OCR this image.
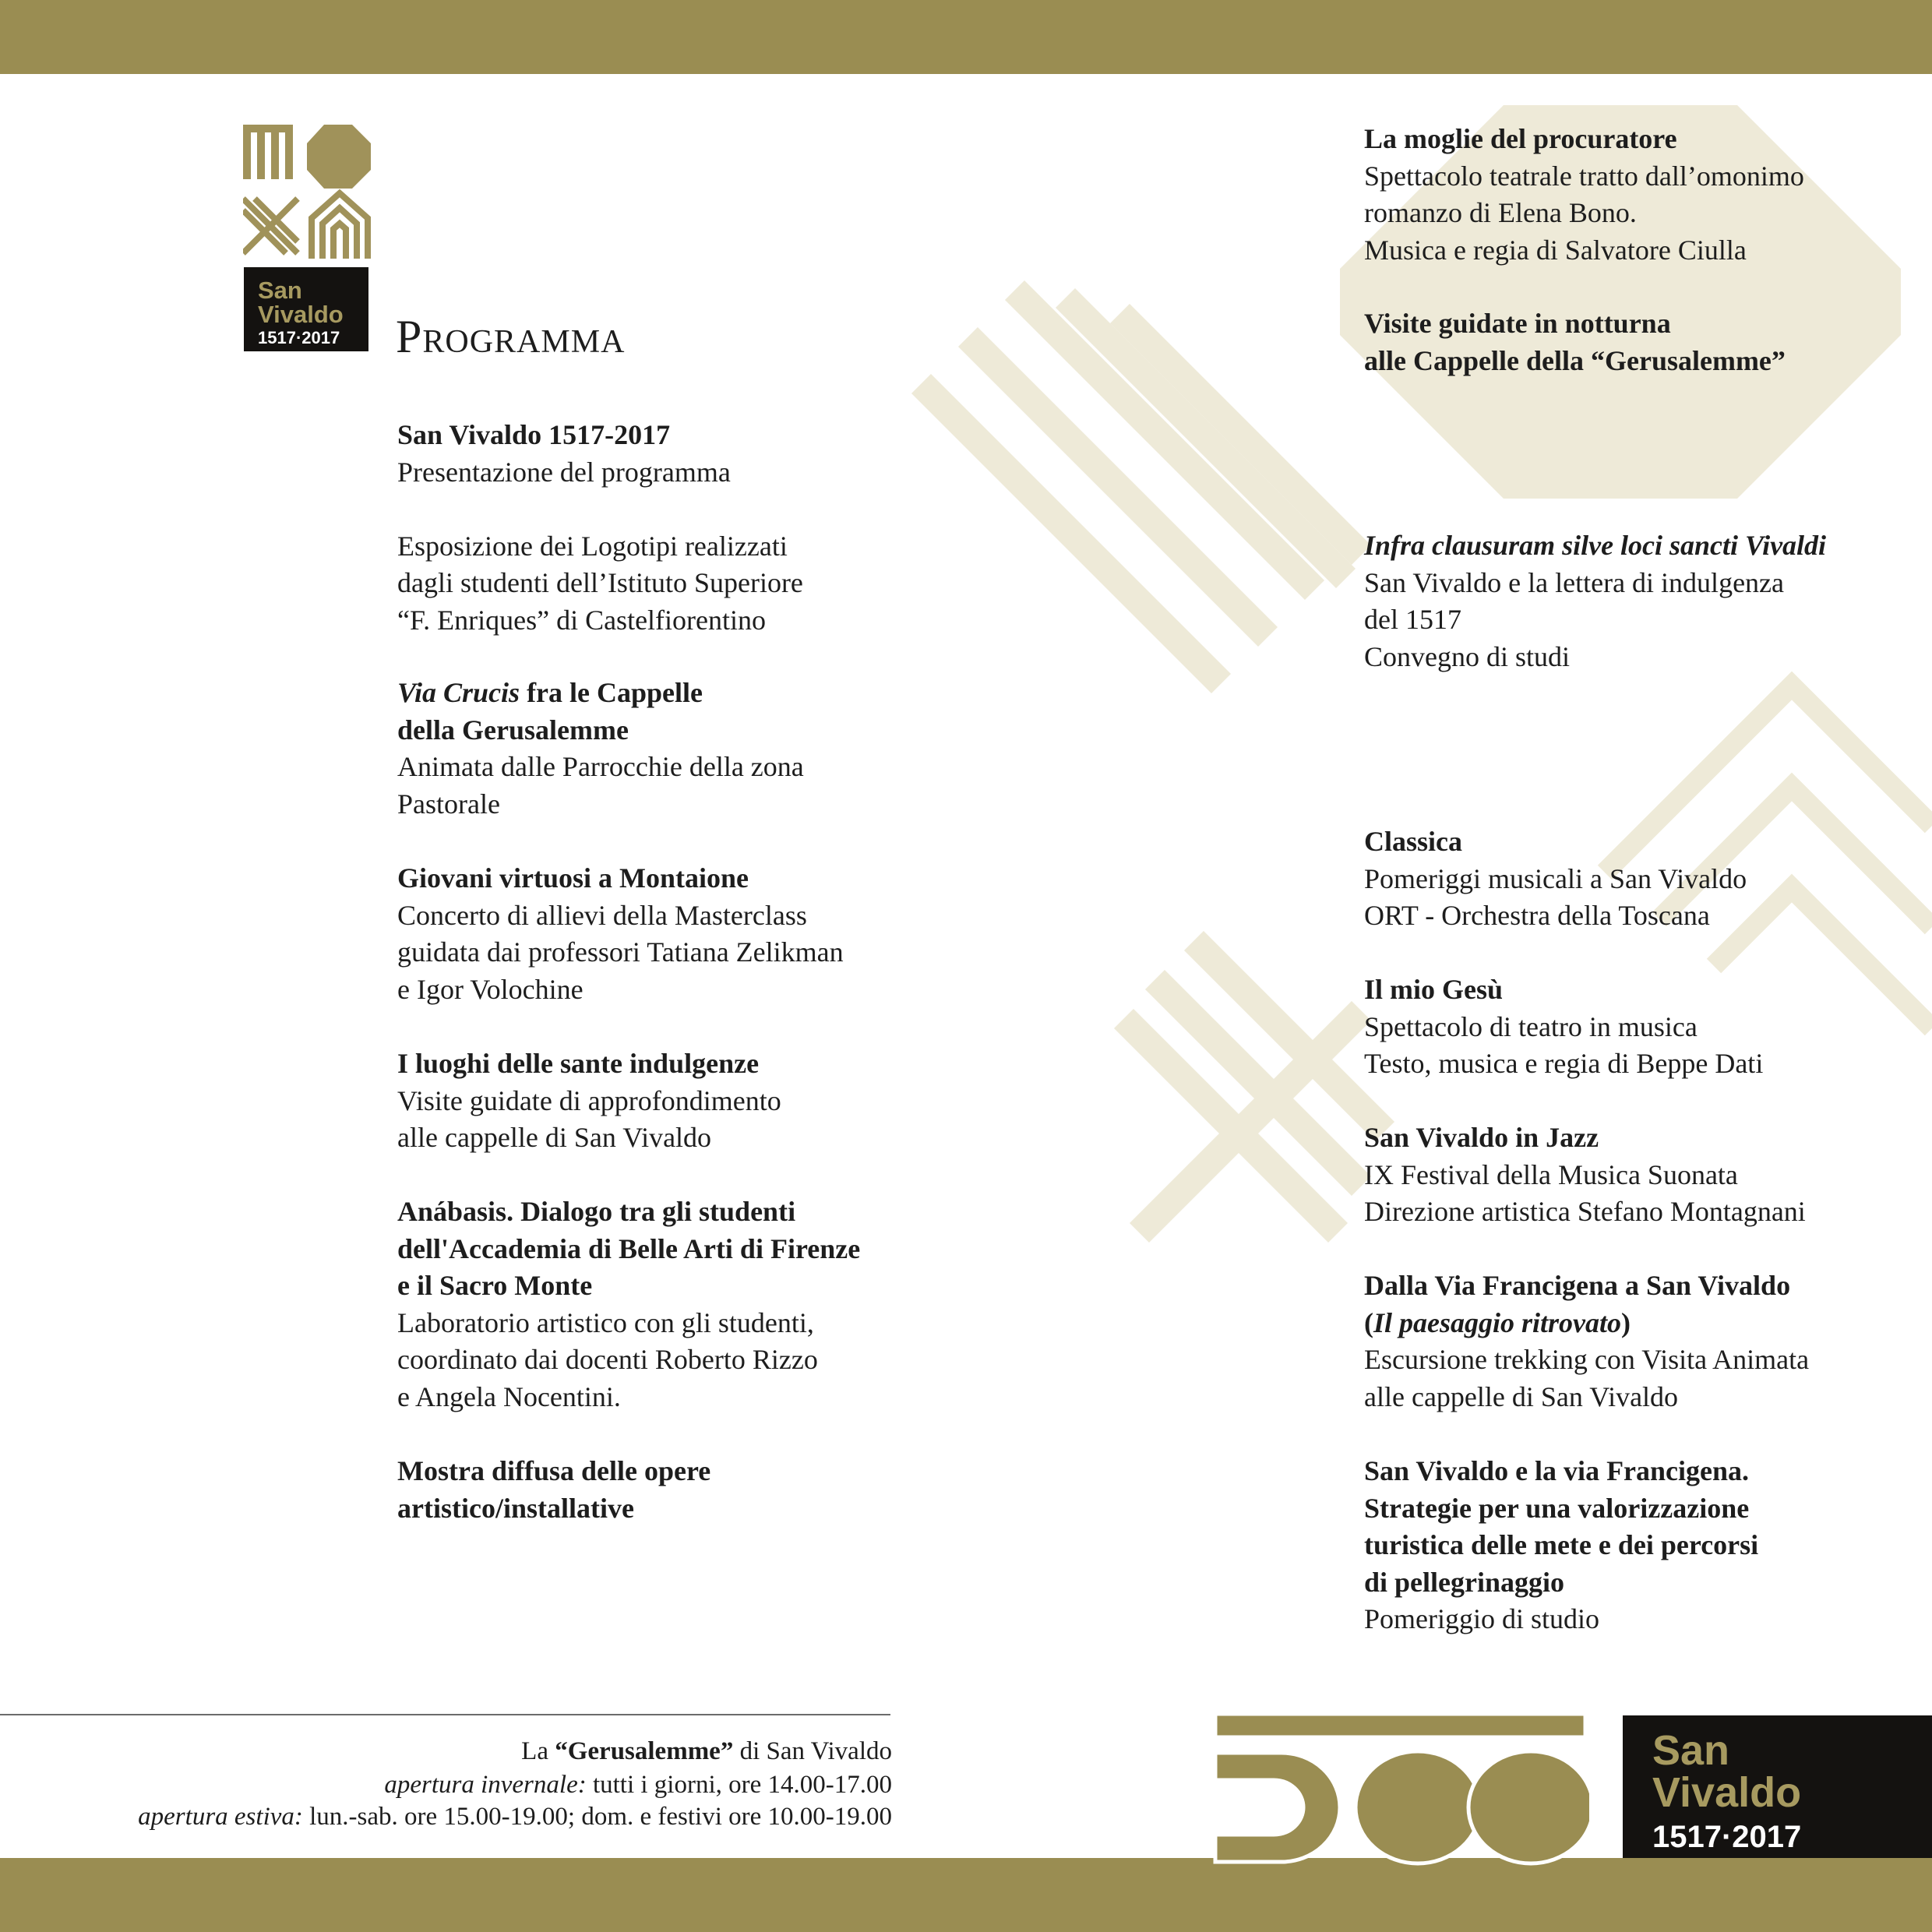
San
Vivaldo
1517·2017 Programma
San Vivaldo 1517-2017
Presentazione del programma
Esposizione dei Logotipi realizzati
dagli studenti dell’Istituto Superiore
“F. Enriques” di Castelfiorentino
Via Crucis fra le Cappelle
della Gerusalemme
Animata dalle Parrocchie della zona
Pastorale
Giovani virtuosi a Montaione
Concerto di allievi della Masterclass
guidata dai professori Tatiana Zelikman
e Igor Volochine
I luoghi delle sante indulgenze
Visite guidate di approfondimento
alle cappelle di San Vivaldo
Anábasis. Dialogo tra gli studenti
dell'Accademia di Belle Arti di Firenze
e il Sacro Monte
Laboratorio artistico con gli studenti,
coordinato dai docenti Roberto Rizzo
e Angela Nocentini.
Mostra diffusa delle opere
artistico/installative
La moglie del procuratore
Spettacolo teatrale tratto dall’omonimo
romanzo di Elena Bono.
Musica e regia di Salvatore Ciulla
Visite guidate in notturna
alle Cappelle della “Gerusalemme”
Infra clausuram silve loci sancti Vivaldi
San Vivaldo e la lettera di indulgenza
del 1517
Convegno di studi
Classica
Pomeriggi musicali a San Vivaldo
ORT - Orchestra della Toscana
Il mio Gesù
Spettacolo di teatro in musica
Testo, musica e regia di Beppe Dati
San Vivaldo in Jazz
IX Festival della Musica Suonata
Direzione artistica Stefano Montagnani
Dalla Via Francigena a San Vivaldo
(Il paesaggio ritrovato)
Escursione trekking con Visita Animata
alle cappelle di San Vivaldo
San Vivaldo e la via Francigena.
Strategie per una valorizzazione
turistica delle mete e dei percorsi
di pellegrinaggio
Pomeriggio di studio
La “Gerusalemme” di San Vivaldo
apertura invernale: tutti i giorni, ore 14.00-17.00
apertura estiva: lun.-sab. ore 15.00-19.00; dom. e festivi ore 10.00-19.00
San
Vivaldo
1517·2017
